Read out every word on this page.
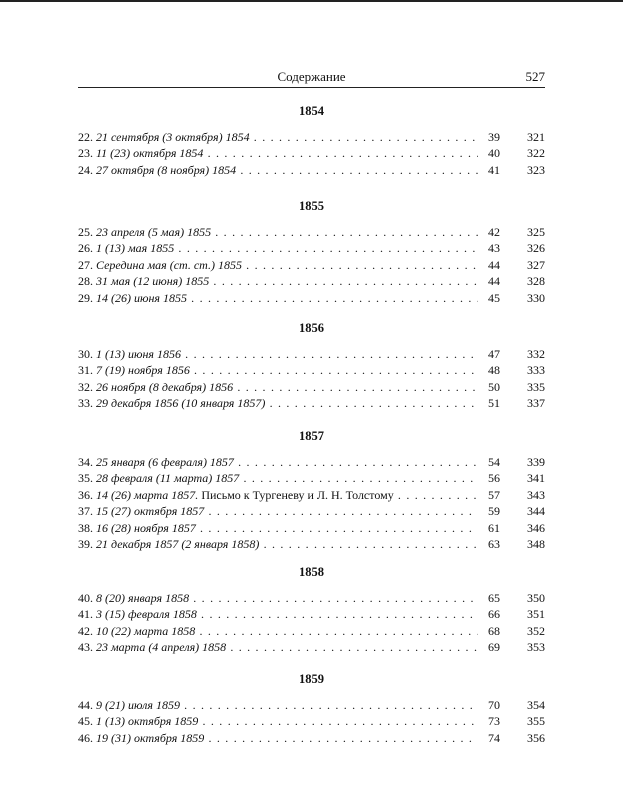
Содержание	527
1854
22. 21 сентября (3 октября) 1854 . . .	39	321
23. 11 (23) октября 1854 . . .	40	322
24. 27 октября (8 ноября) 1854 . . .	41	323
1855
25. 23 апреля (5 мая) 1855 . . .	42	325
26. 1 (13) мая 1855 . . .	43	326
27. Середина мая (ст. ст.) 1855 . . .	44	327
28. 31 мая (12 июня) 1855 . . .	44	328
29. 14 (26) июня 1855 . . .	45	330
1856
30. 1 (13) июня 1856 . . .	47	332
31. 7 (19) ноября 1856 . . .	48	333
32. 26 ноября (8 декабря) 1856 . . .	50	335
33. 29 декабря 1856 (10 января 1857) . . .	51	337
1857
34. 25 января (6 февраля) 1857 . . .	54	339
35. 28 февраля (11 марта) 1857 . . .	56	341
36. 14 (26) марта 1857. Письмо к Тургеневу и Л. Н. Толстому . . .	57	343
37. 15 (27) октября 1857 . . .	59	344
38. 16 (28) ноября 1857 . . .	61	346
39. 21 декабря 1857 (2 января 1858) . . .	63	348
1858
40. 8 (20) января 1858 . . .	65	350
41. 3 (15) февраля 1858 . . .	66	351
42. 10 (22) марта 1858 . . .	68	352
43. 23 марта (4 апреля) 1858 . . .	69	353
1859
44. 9 (21) июля 1859 . . .	70	354
45. 1 (13) октября 1859 . . .	73	355
46. 19 (31) октября 1859 . . .	74	356
